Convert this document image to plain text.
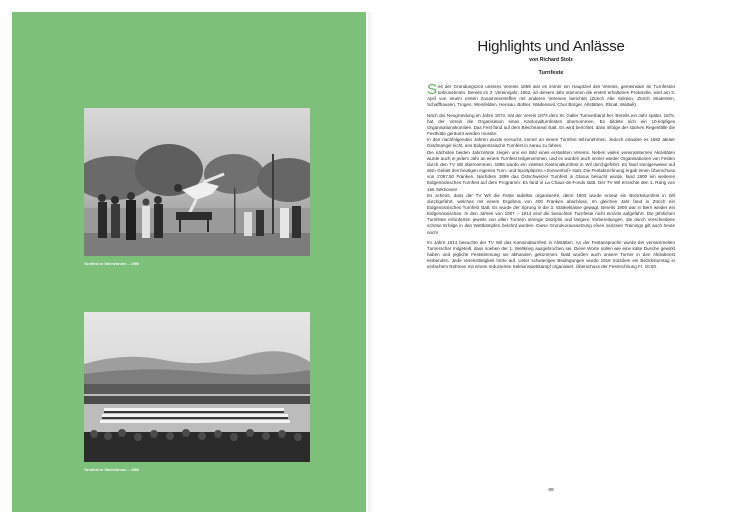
Turnfest in Steinebrunn – 1906
Turnfest in Steinebrunn – 1906
Highlights und Anlässe
von Richard Stolz
Turnfeste

Seit der Gründungszeit unseres Vereins 1859 war es immer ein Hauptziel des Vereins, gemeinsam an Turnfesten teilzunehmen. Bereits im 3. Vereinsjahr, 1862, an diesem Jahr stammen die ersten erhaltenen Protokolle, wird am 3. April von einem ersten Zusammentreffen mit anderen Vereinen berichtet (Zürich Alte Sektion, Zürich Studenten, Schaffhausen, Trogen, Weinfelden, Herisau, Bühler, Wädenswil, Chur Bürger, Altstätten, Ebnat, Wattwil).

Nach der Neugründung im Jahre 1873, trat der Verein 1874 dem St. Galler Turnverband bei. Bereits ein Jahr später, 1875, hat der Verein die Organisation eines Kantonalturnfestes übernommen. Es bildete sich ein 10-köpfiges Organisationskomitee. Das Fest fand auf dem Bleicheareal statt. Es wird berichtet, dass infolge der starken Regenfälle die Festhütte geräumt werden musste.
In den nachfolgenden Jahren wurde versucht, immer an einem Turnfest teilzunehmen. Jedoch erlaubte es 1882 akuter Geldmangel nicht, ans Eidgenössische Turnfest in Aarau zu fahren.
Die nächsten beiden Jahrzehnte zeigen uns ein Bild eines erstarkten Vereins. Neben vielen vereinsinternen Aktivitäten wurde auch in jedem Jahr an einem Turnfest teilgenommen, und es wurden auch immer wieder Organisationen von Festen durch den TV Wil übernommen. 1896 wurde ein zweites Kantonalturnfest in Wil durchgeführt. Es fand sinnigerweise auf dem Gebiet des heutigen eigenen Turn- und Sportplatzes «Sonnenhof» statt. Die Festabrechnung ergab einen Überschuss von 1'097.50 Franken. Nachdem 1899 das Ostschweizer Turnfest in Glarus besucht wurde, fand 1900 ein weiteres Eidgenössisches Turnfest auf dem Programm. Es fand in La Chaux-de-Fonds statt. Der TV Wil erreichte den 1. Rang von 156 Sektionen!
Es scheint, dass der TV Wil die Feste tadellos organisierte, denn 1903 wurde erneut ein Bezirksturnfest in Wil durchgeführt, welches mit einem Ergebnis von 400 Franken abschloss. Im gleichen Jahr fand in Zürich ein Eidgenössisches Turnfest statt. Es wurde der Sprung in die 3. Stärkeklasse gewagt. Bereits 1906 war in Bern wieder ein Eidgenössisches. In den Jahren von 1907 – 1914 sind die besuchten Turnfeste nicht einzeln aufgeführt. Die jährlichen Turnfeste erforderten jeweils von allen Turnern strenge Disziplin und längere Vorbereitungen, die durch verschiedene schöne Erfolge in den Wettkämpfen belohnt wurden. Diese Grundvoraussetzung eines seriösen Trainings gilt auch heute noch!

Im Jahre 1914 besuchte der TV Wil das Kantonalturnfest in Altstätten. An der Festansprache wurde der versammelten Turnerschar mitgeteilt, dass soeben der 1. Weltkrieg ausgebrochen sei. Diese Worte sollen wie eine kalte Dusche gewirkt haben und jegliche Feststimmung sei abhanden gekommen. Bald wurden auch unsere Turner in den Aktivdienst einberufen. Jede Vereinstätigkeit hörte auf. Unter schwierigen Bedingungen wurde 1916 trotzdem ein Bezirksturntag in einfachem Rahmen mit einem reduzierten Sektionswettkampf organisiert. Überschuss der Festrechnung Fr. 10.50.

89
